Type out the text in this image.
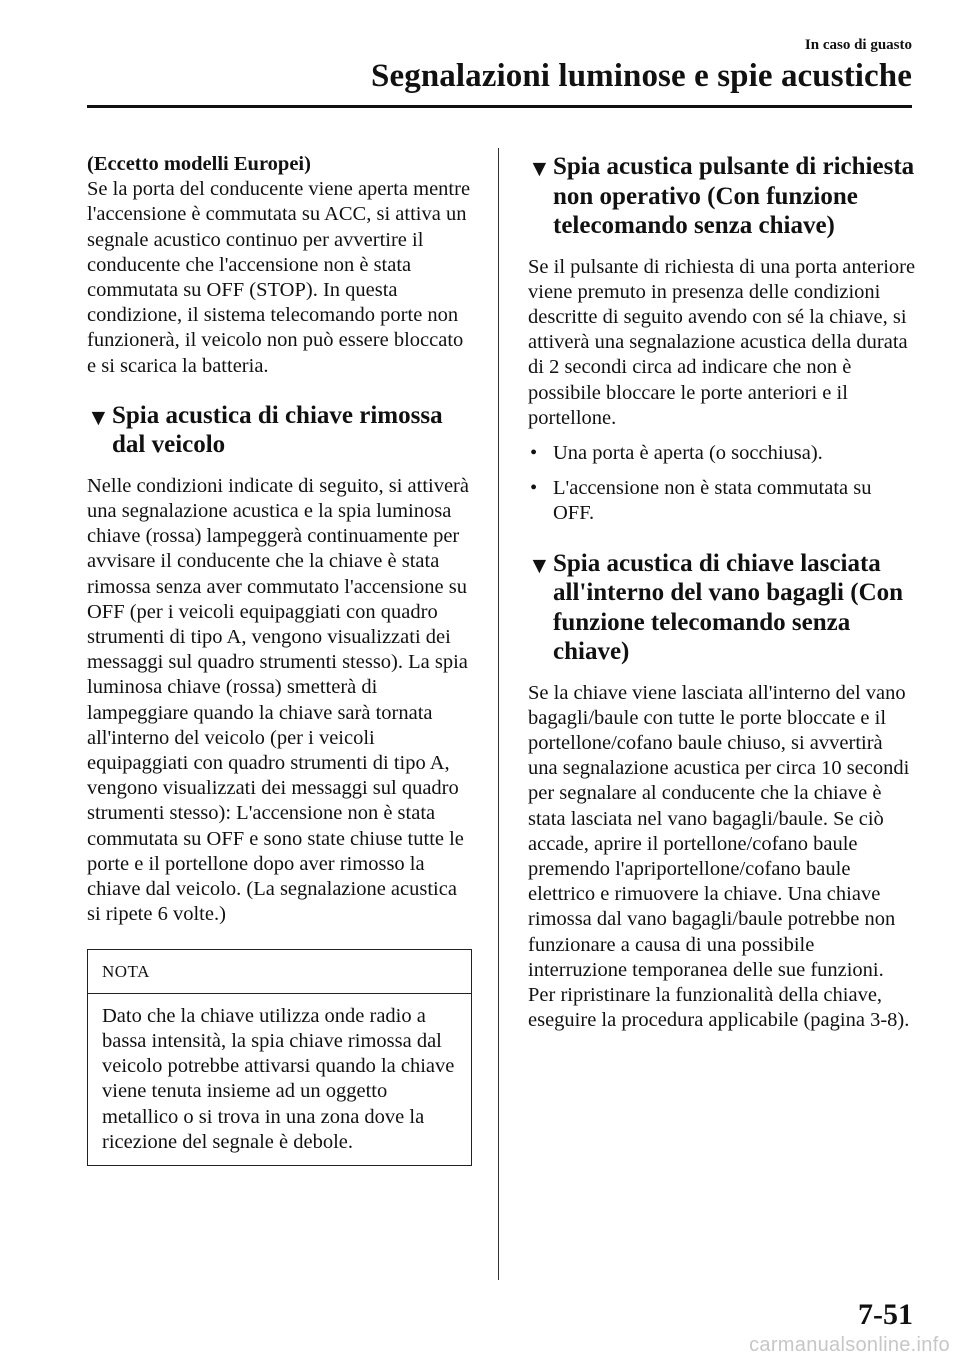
In caso di guasto
Segnalazioni luminose e spie acustiche
(Eccetto modelli Europei)

Se la porta del conducente viene aperta mentre l'accensione è commutata su ACC, si attiva un segnale acustico continuo per avvertire il conducente che l'accensione non è stata commutata su OFF (STOP). In questa condizione, il sistema telecomando porte non funzionerà, il veicolo non può essere bloccato e si scarica la batteria.

▼ Spia acustica di chiave rimossa dal veicolo

Nelle condizioni indicate di seguito, si attiverà una segnalazione acustica e la spia luminosa chiave (rossa) lampeggerà continuamente per avvisare il conducente che la chiave è stata rimossa senza aver commutato l'accensione su OFF (per i veicoli equipaggiati con quadro strumenti di tipo A, vengono visualizzati dei messaggi sul quadro strumenti stesso). La spia luminosa chiave (rossa) smetterà di lampeggiare quando la chiave sarà tornata all'interno del veicolo (per i veicoli equipaggiati con quadro strumenti di tipo A, vengono visualizzati dei messaggi sul quadro strumenti stesso): L'accensione non è stata commutata su OFF e sono state chiuse tutte le porte e il portellone dopo aver rimosso la chiave dal veicolo. (La segnalazione acustica si ripete 6 volte.)

NOTA
Dato che la chiave utilizza onde radio a bassa intensità, la spia chiave rimossa dal veicolo potrebbe attivarsi quando la chiave viene tenuta insieme ad un oggetto metallico o si trova in una zona dove la ricezione del segnale è debole.
▼ Spia acustica pulsante di richiesta non operativo (Con funzione telecomando senza chiave)

Se il pulsante di richiesta di una porta anteriore viene premuto in presenza delle condizioni descritte di seguito avendo con sé la chiave, si attiverà una segnalazione acustica della durata di 2 secondi circa ad indicare che non è possibile bloccare le porte anteriori e il portellone.

• Una porta è aperta (o socchiusa).
• L'accensione non è stata commutata su OFF.
▼ Spia acustica di chiave lasciata all'interno del vano bagagli (Con funzione telecomando senza chiave)

Se la chiave viene lasciata all'interno del vano bagagli/baule con tutte le porte bloccate e il portellone/cofano baule chiuso, si avvertirà una segnalazione acustica per circa 10 secondi per segnalare al conducente che la chiave è stata lasciata nel vano bagagli/baule. Se ciò accade, aprire il portellone/cofano baule premendo l'apriportellone/cofano baule elettrico e rimuovere la chiave. Una chiave rimossa dal vano bagagli/baule potrebbe non funzionare a causa di una possibile interruzione temporanea delle sue funzioni. Per ripristinare la funzionalità della chiave, eseguire la procedura applicabile (pagina 3-8).

7-51
carmanualsonline.info
